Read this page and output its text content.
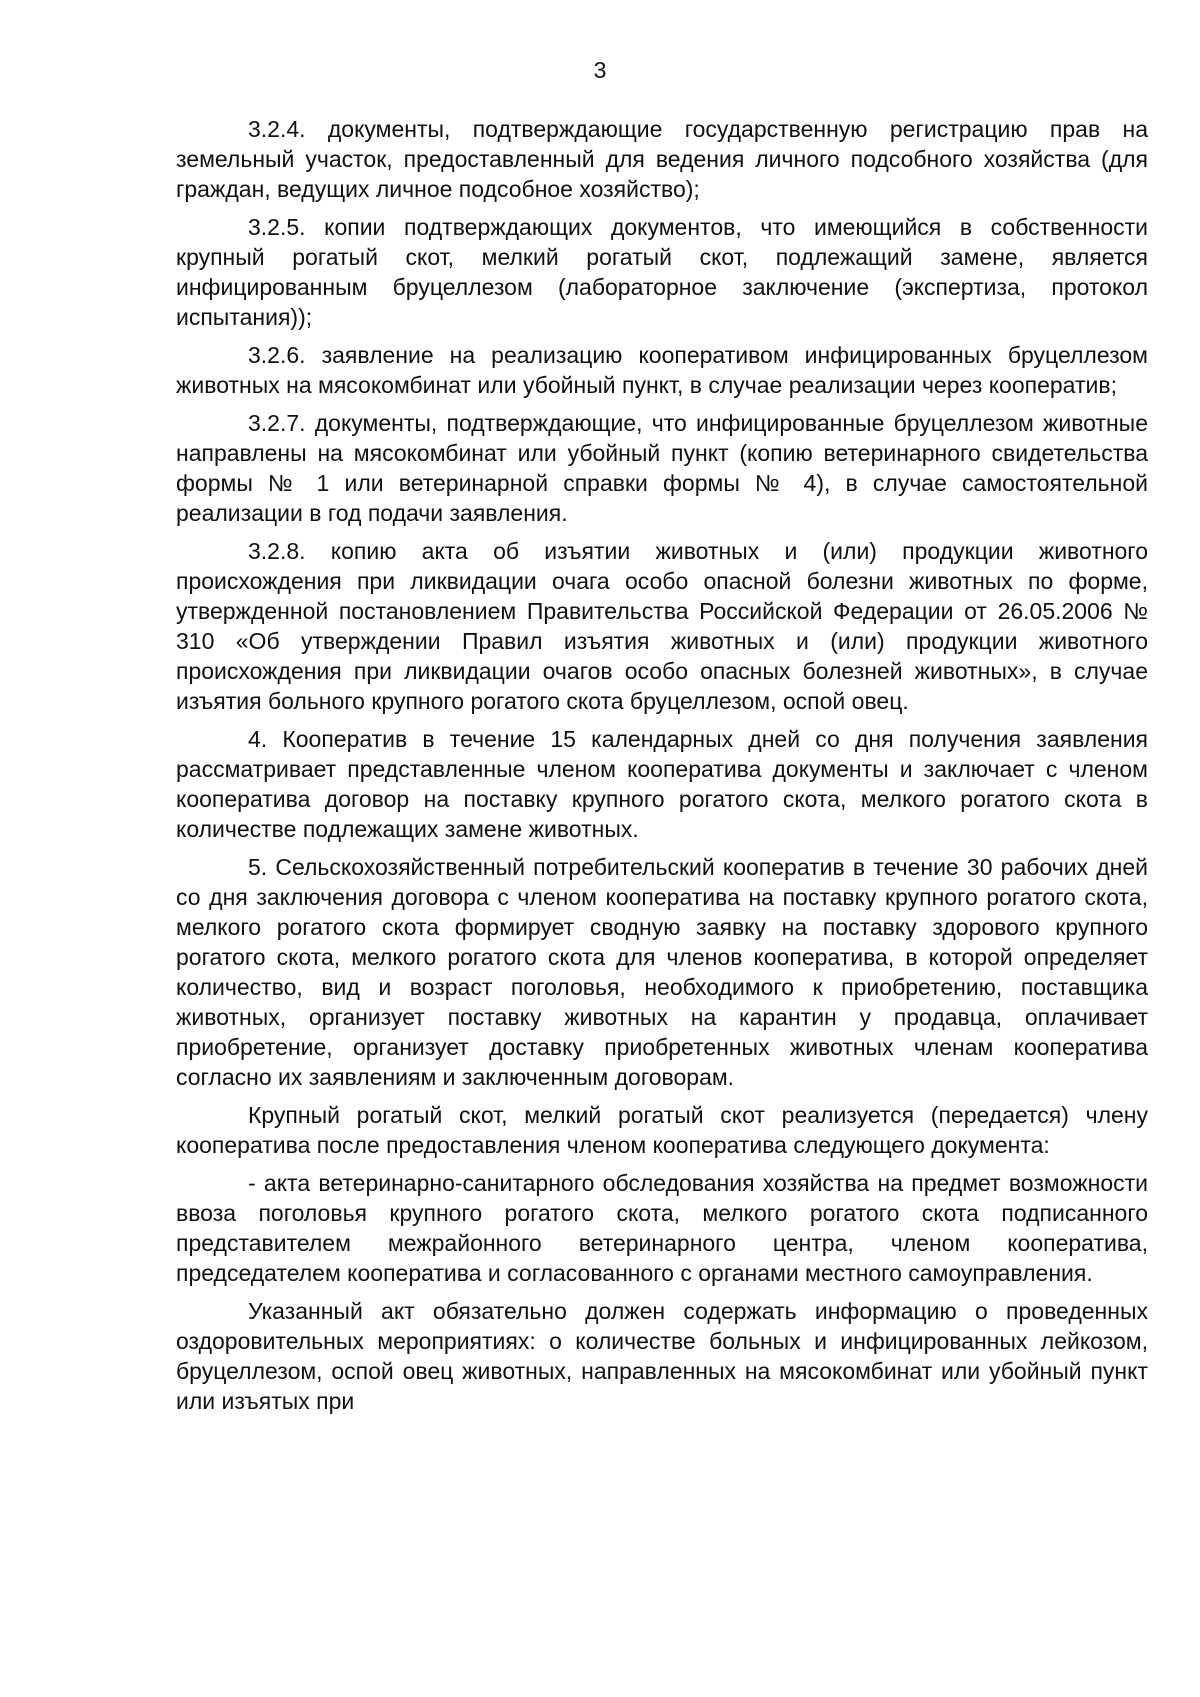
3

3.2.4. документы, подтверждающие государственную регистрацию прав на земельный участок, предоставленный для ведения личного подсобного хозяйства (для граждан, ведущих личное подсобное хозяйство);

3.2.5. копии подтверждающих документов, что имеющийся в собственности крупный рогатый скот, мелкий рогатый скот, подлежащий замене, является инфицированным бруцеллезом (лабораторное заключение (экспертиза, протокол испытания));

3.2.6. заявление на реализацию кооперативом инфицированных бруцеллезом животных на мясокомбинат или убойный пункт, в случае реализации через кооператив;

3.2.7. документы, подтверждающие, что инфицированные бруцеллезом животные направлены на мясокомбинат или убойный пункт (копию ветеринарного свидетельства формы № 1 или ветеринарной справки формы № 4), в случае самостоятельной реализации в год подачи заявления.

3.2.8. копию акта об изъятии животных и (или) продукции животного происхождения при ликвидации очага особо опасной болезни животных по форме, утвержденной постановлением Правительства Российской Федерации от 26.05.2006 № 310 «Об утверждении Правил изъятия животных и (или) продукции животного происхождения при ликвидации очагов особо опасных болезней животных», в случае изъятия больного крупного рогатого скота бруцеллезом, оспой овец.

4. Кооператив в течение 15 календарных дней со дня получения заявления рассматривает представленные членом кооператива документы и заключает с членом кооператива договор на поставку крупного рогатого скота, мелкого рогатого скота в количестве подлежащих замене животных.

5. Сельскохозяйственный потребительский кооператив в течение 30 рабочих дней со дня заключения договора с членом кооператива на поставку крупного рогатого скота, мелкого рогатого скота формирует сводную заявку на поставку здорового крупного рогатого скота, мелкого рогатого скота для членов кооператива, в которой определяет количество, вид и возраст поголовья, необходимого к приобретению, поставщика животных, организует поставку животных на карантин у продавца, оплачивает приобретение, организует доставку приобретенных животных членам кооператива согласно их заявлениям и заключенным договорам.

Крупный рогатый скот, мелкий рогатый скот реализуется (передается) члену кооператива после предоставления членом кооператива следующего документа:

- акта ветеринарно-санитарного обследования хозяйства на предмет возможности ввоза поголовья крупного рогатого скота, мелкого рогатого скота подписанного представителем межрайонного ветеринарного центра, членом кооператива, председателем кооператива и согласованного с органами местного самоуправления.

Указанный акт обязательно должен содержать информацию о проведенных оздоровительных мероприятиях: о количестве больных и инфицированных лейкозом, бруцеллезом, оспой овец животных, направленных на мясокомбинат или убойный пункт или изъятых при
